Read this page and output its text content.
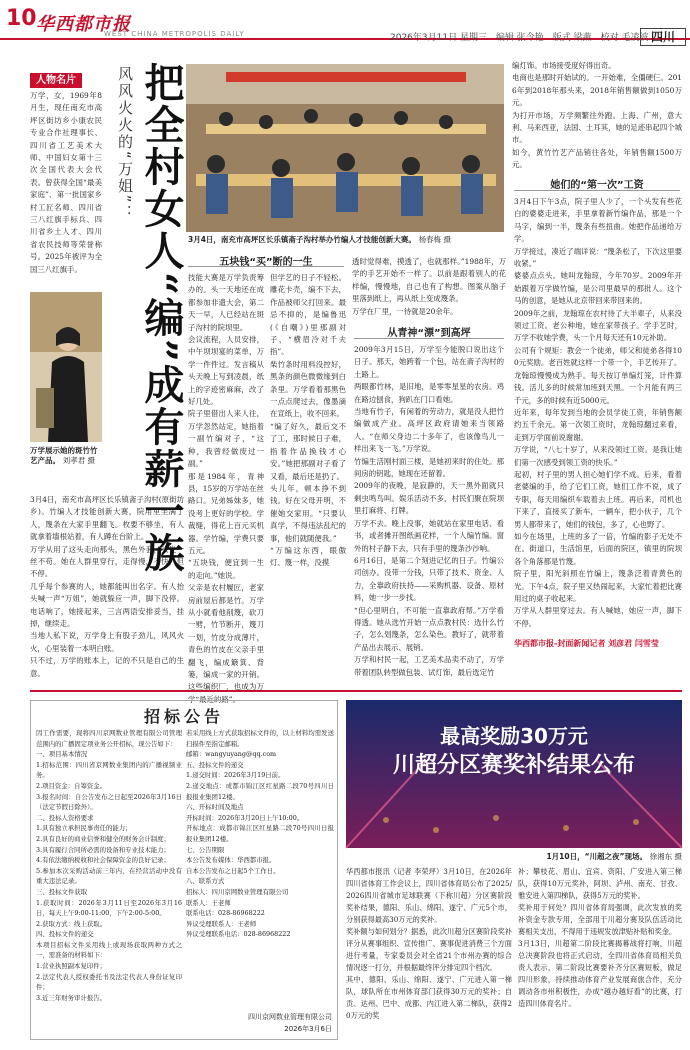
10 华西都市报
WEST CHINA METROPOLIS DAILY	2026年3月11日 星期三　编辑 张令艳　版式 梁燕　校对 毛凌波 四川
人物名片
万学，女，1969年8月生，现任南充市高坪区街坊乡小康农民专业合作社理事长、四川省工艺美术大师、中国妇女第十三次全国代表大会代表。曾获得全国“最美家庭”、第一批国家乡村工匠名师、四川省三八红旗手标兵、四川省乡土人才、四川省农民技师等荣誉称号。2025年被评为全国三八红旗手。
万学展示她的斑竹竹艺产品。 刘孝君 摄
3月4日，南充市高坪区长乐镇斋子沟村(原街坊乡)。竹编人才技能创新大赛，院用里坐满了人，篾条在大家手里翻飞。枚要不够坐，有人就拿着墙根站着，有人蹲在台阶上。
万学从用了这头走向那头，黑色外套，头发一丝不苟。她在人群里穿行，走得慢，不快，但不停。
几乎每个参赛的人，她都能叫出名字。有人抬头喊一声“万姐”，她就躲应一声，脚下没停。电话响了，她接起来，三言两语安排妥当，挂掉，继续走。
当地人私下说，万学身上有股子劲儿，风风火火，心里装着一本明白账。
只不过，万学的账本上，记的不只是自己的生意。
风风火火的“万姐”： 把全村女人“编”成有薪一族 3月4日，南充市高坪区长乐镇斋子沟村举办竹编人才技能创新大赛。 杨春梅 摄
五块钱“买”断的一生
技能大赛是万学负责筹办的。头一天地还在成都参加非遗大会，第二天一早，人已经站在斑子沟村的院坝里。
会议流程，人员安排，中午坝坝宴的菜单，万学一件件过。发言稿从头天晚上写到凌晨，纸上的字迹密麻麻，改了好几处。
院子里借出人来人往，万学忽然站定，她指着一副竹编对子，“这种，我曾经做废过一副。”
那是1984年，青神县，15岁的万学站在丝路口。兄弟姊妹多，她没考上更好的学校。学裁缝，得花上百元买机器。学竹编，学费只要五元。
“五块钱，便宜到一生的走向。”她说。
父亲是农村履匠，老家房前屋后都是竹。万学从小就看他削篾，砍刀一劈，竹节断开，篾刀一划，竹皮分成薄片，青色的竹皮在父亲手里翻飞，编成簸箕、背篓，编成一家的开销。这些编织厂，也成为万学“最近的路”。
但学艺的日子不轻松。雕花卡壳，编不下去，作品被师父打回来。最忌不抑的，是编鲁迅(《自嘲》)里那副对子，“横眉冷对千夫指”。
柴竹条时用料没控好，黑条的颜色微微缘到白条里。万学看着那黑色一点点爬过去，像墨滴在宣纸上，收不回来。
“编了好久，最后交不了工，那时候日子难，指着作品换钱才心安。”她把那副对子看了又看，最后还是扔了。
头儿年，顿本挣不到钱。好在父母开明，不催她交家用。“只要认真学，不得违法乱纪的事，他们就随便我。”
“万编这东西，眼傲灯、篾一样，没摸
透时觉得难，摸透了，也就那样。”1988年，万学的手艺开始不一样了。以前是跟着别人的花样编，慢慢地，自己也有了构想。图案从脑子里落到纸上，再从纸上变成篾条。
万学在厂里，一待就是20余年。
从青神“漂”到高坪
2009年3月15日，万学至今能脱口说出这个日子。那天，她跨着一个包，站在斋子沟村的土路上。
两眼都竹林，是旧地，是零零星星的农房。鸡在路边刨食，狗趴在门口看她。
当地有竹子，有闲着的劳动力，就是没人把竹编做成产业。高坪区政府请她来当领路人。“在师父身边二十多年了，也该像鸟儿一样出来飞一飞。”万学说。
竹编生活刚村面三楼，是她初来时的住处。那间房的钥匙，她现在还留着。
2009年的夜晚，是寂静的，天一黑外面就只剩虫鸣鸟叫。娱乐活动不多，村民们聚在院坝里打麻将、打牌。
万学不去。晚上没事，她就站在家里电话、看书，或者摊开图纸画花样，一个人编竹编。窗外的村子静下去，只有手里的篾条沙沙响。
6月16日，是第二个刻进记忆的日子。竹编公司创办。没带一分钱，只带了技术、资金、人力，全靠政府扶持——采购机器、设备、原材料，她一步一步找。
“但心里明白，不可能一直靠政府帮。”万学看得透。她从选竹开始一点点教村民：选什么竹子，怎么划篾条，怎么染色。教好了，就带着产品出去展示、展销。
万学和村民一起，工艺美术品卖不动了，万学带着团队转型做包装、试灯饰，最后选定竹
编灯饰。市场接受度好得出奇。
电商也是那时开始试的。一开始难，全僵硬仨。2016年到2018年那头来，2018年销售额做到1050万元。
为打开市场，万学频繁往外跑。上海、广州，意大利、马来西亚，法国、土耳其，她的足迹串起四个城市。
如今，黄竹竹艺产品销往各处，年销售额1500万元。
她们的“第一次”工资
3月4日下午3点，院子里人少了，一个头发有些花白的婆婆走进来，手里拿着新竹编作品，那是一个马字，编到一半，篾条有些扭曲。她把作品递给万学。
万学接过，凑近了端详说：“篾条松了，下次这里要收紧。”
婆婆点点头。她叫龙翰琼，今年70岁。2009年开始跟着万学做竹编，是公司里最早的那批人。这个马的创意，是她从北京带回来带回来的。
2009年之前，龙翰琼在农村待了大半辈子，从来没领过工资。老公种地，她在家带孩子。学手艺时，万学不收她学费，头一个月每天还有10元补助。
公司有个规矩：教会一个徒弟，师父和徒弟各得100元奖励。老百姓就这样一个带一个，手艺传开了。
龙翰琼慢慢成为熟手。每天按订单编灯笼，计件算钱。活儿多的时候常加班到天黑。一个月能有两三千元，多的时候有近5000元。
近年来，每年发到当地的会员学徒工资，年销售额约五千余元。第一次领工资时，龙翰琼翻过来看，走到万学面前说谢谢。
万学说，“八七十岁了，从来没领过工资。是我让她们第一次感受到领工资的快乐。”
起初，村子里的男人担心她们学不成。后来，看着老婆编的手，给了它们工资，她们工作不说，成了专职，每天用编织车载着去上班。再后来，司机也下来了，直接买了新车，一辆车，把小伙子，几个男人都带来了，她们的钱包，多了，心也野了。
如今在场里，上班的多了一倍，竹编的影子无处不在。街道口，生活馆里，后面的院区，镇里的院坝各个角落都是竹篾。
院子里，阳光斜照在竹编上，篾条泛着青黄色的光。下午4点，院子里又热闹起来，大家忙着把比赛用过的桌子收起来。
万学从人群里穿过去。有人喊她，她应一声，脚下不停。
华西都市报-封面新闻记者 刘彦君 闫雪莹
招标公告
因工作需要，现将四川京网数业管理有限公司管理范围内的广播固定项业务公开招标，现公告如下：
一、项目基本情况
1.招标范围：四川省京网数业集团内的广播视频业务。
2.项目资金：自筹资金。
3.报名时间：自公告发布之日起至2026年3月16日（法定节假日除外）。
二、投标人资格要求
1.具有独立承担民事责任的能力；
2.具有良好的商业信誉和健全的财务会计制度；
3.具有履行合同所必需的设备和专业技术能力；
4.有依法缴纳税收和社会保障资金的良好记录；
5.参加本次采购活动前三年内，在经营活动中没有重大违法记录。
三、投标文件获取
1.获取时间：2026年3月11日至2026年3月16日，每天上午9:00-11:00，下午2:00-5:00。
2.获取方式：线上获取。
四、投标文件的递交
本项目招标文件采用线上或现场获取两种方式之一，需准备的材料如下：
1.营业执照副本复印件；
2.法定代表人授权委托书及法定代表人身份证复印件；
3.近三年财务审计报告。
若采用线上方式获取招标文件的，以上材料均需发送扫描件至指定邮箱。
邮箱：wangyuyang@qq.com
五、投标文件的递交
1.递交时间：2026年3月19日前。
2.递交地点：成都市锦江区红星路二段70号四川日报报业集团12楼。
六、开标时间及地点
开标时间：2026年3月20日上午10:00。
开标地点：成都市锦江区红星路二段70号四川日报报业集团12楼。
七、公告期限
本公告发布媒体：华西都市报。
自本公告发布之日起5个工作日。
八、联系方式
招标人：四川京网数业管理有限公司
联系人：王老师
联系电话：028-86968222
异议受理联系人：王老师
异议受理联系电话：028-86968222
四川京网数业管理有限公司
2026年3月6日
最高奖励30万元
川超分区赛奖补结果公布
1月10日，“川超之夜”现场。 徐湘东 摄
华西都市报讯（记者 李荣坪）3月10日，在2026年四川省体育工作会议上，四川省体育局公布了2025/2026四川省城市足球联赛（下称川超）分区赛阶段奖补结果，德阳、乐山、绵阳、遂宁、广元5个市，分别获得最高30万元的奖补。
奖补额与如何划分？据悉，此次川超分区赛阶段奖补评分从赛事组织、宣传推广、赛事促进消费三个方面进行考量，专家委员会对全省21个市州办赛的综合情况逐一打分，并根据最终评分排定四个档次。
其中，德阳、乐山、绵阳、遂宁、广元进入第一梯队，球队所在市州体育部门获得30万元的奖补；自贡、达州、巴中、成都、内江进入第二梯队，获得20万元的奖
补；攀枝花、眉山、宜宾、资阳、广安进入第三梯队，获得10万元奖补，阿坝、泸州、南充、甘孜、雅安进入第四梯队，获得5万元的奖补。
奖补用于何处？四川省体育局强调，此次发放的奖补资金专款专用，全部用于川超分赛及队伍活动比赛相关支出，不得用于违规发放津贴补贴和奖金。
3月13日，川超第二阶段比赛揭幕战将打响，川超总决赛阶段也将正式启动，全四川省体育局相关负责人表示，第二阶段比赛要补齐分区赛短板，做足四川形象，持续推动体育产业发展商旅合作，充分调动各市州积极性，办成“越办越好看”的比赛，打造四川体育名片。
